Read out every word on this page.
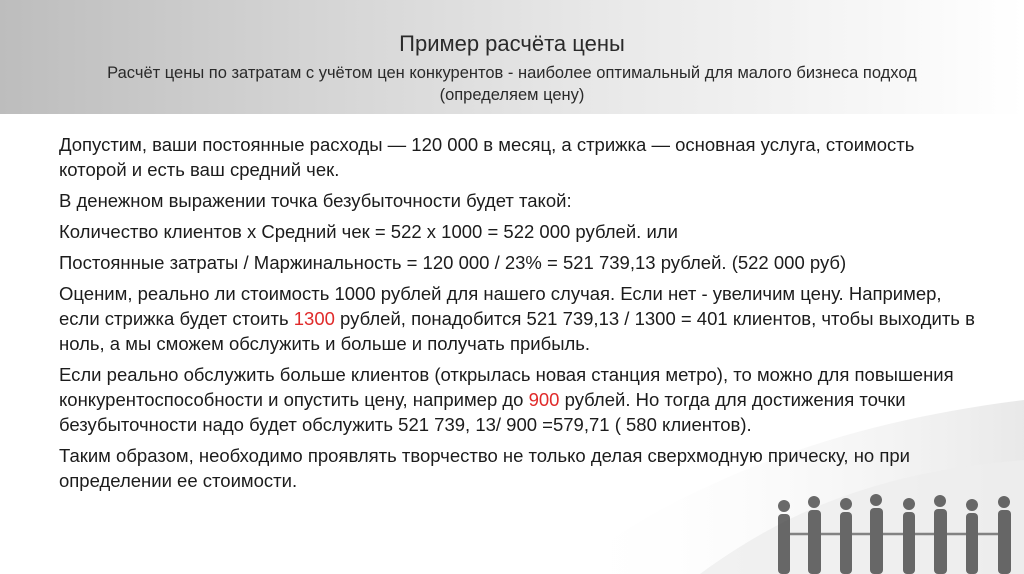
Пример расчёта цены
Расчёт цены по затратам с учётом цен конкурентов - наиболее оптимальный для малого бизнеса подход (определяем цену)

Допустим, ваши постоянные расходы — 120 000 в месяц, а стрижка — основная услуга, стоимость которой и есть ваш средний чек.

В денежном выражении точка безубыточности будет такой:

Количество клиентов x Средний чек = 522 x 1000 = 522 000 рублей. или

Постоянные затраты / Маржинальность = 120 000 / 23% = 521 739,13 рублей. (522 000 руб)

Оценим, реально ли стоимость 1000 рублей для нашего случая. Если нет - увеличим цену. Например, если стрижка будет стоить 1300 рублей, понадобится 521 739,13 / 1300 = 401 клиентов, чтобы выходить в ноль, а мы сможем обслужить и больше и получать прибыль.

Если реально обслужить больше клиентов (открылась новая станция метро), то можно для повышения конкурентоспособности и опустить цену, например до 900 рублей. Но тогда для достижения точки безубыточности надо будет обслужить 521 739, 13/ 900 =579,71 ( 580 клиентов).

Таким образом, необходимо проявлять творчество не только делая сверхмодную прическу, но при определении ее стоимости.
